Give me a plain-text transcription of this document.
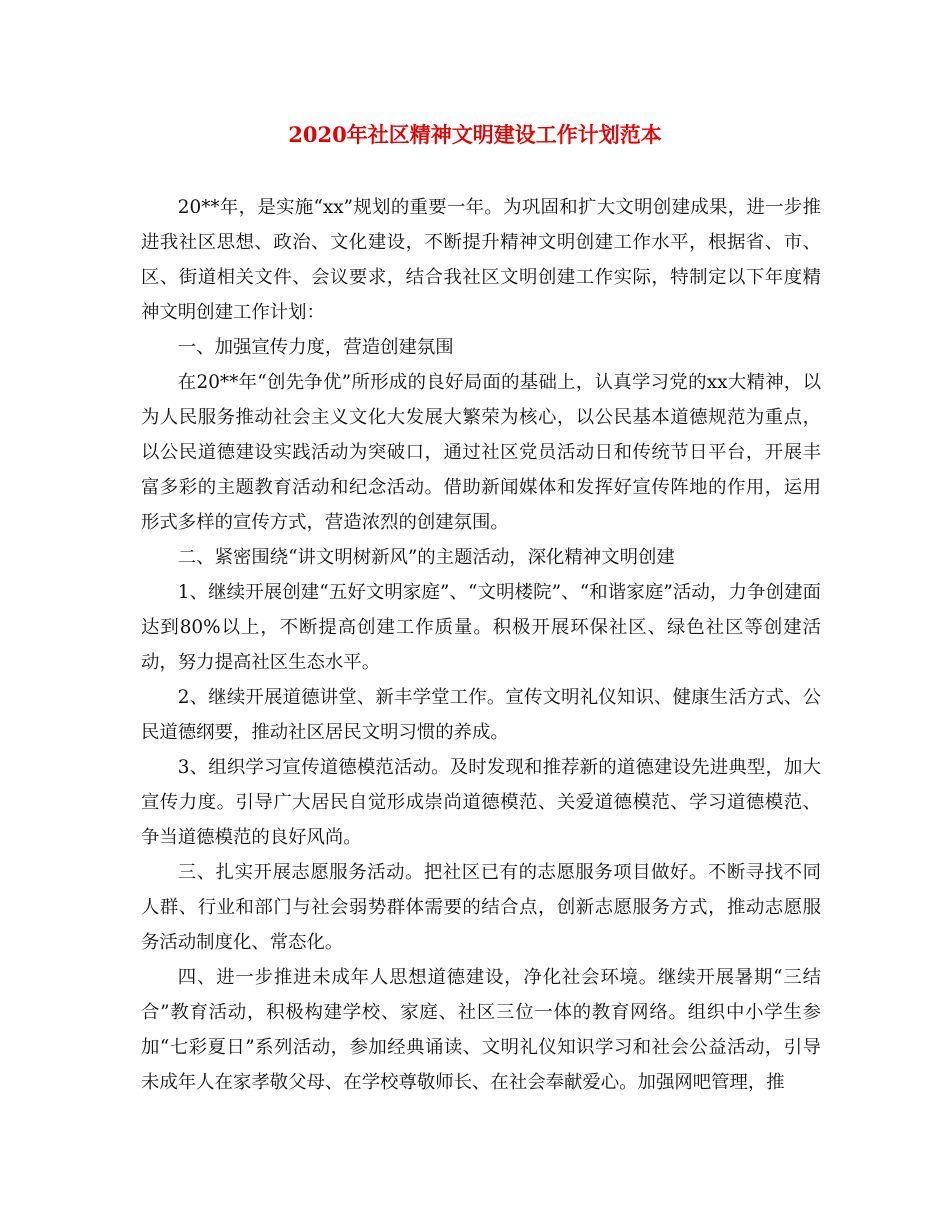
2020年社区精神文明建设工作计划范本

20**年，是实施“xx”规划的重要一年。为巩固和扩大文明创建成果，进一步推进我社区思想、政治、文化建设，不断提升精神文明创建工作水平，根据省、市、区、街道相关文件、会议要求，结合我社区文明创建工作实际，特制定以下年度精神文明创建工作计划：

一、加强宣传力度，营造创建氛围

在20**年“创先争优”所形成的良好局面的基础上，认真学习党的xx大精神，以为人民服务推动社会主义文化大发展大繁荣为核心，以公民基本道德规范为重点，以公民道德建设实践活动为突破口，通过社区党员活动日和传统节日平台，开展丰富多彩的主题教育活动和纪念活动。借助新闻媒体和发挥好宣传阵地的作用，运用形式多样的宣传方式，营造浓烈的创建氛围。

二、紧密围绕“讲文明树新风”的主题活动，深化精神文明创建

1、继续开展创建“五好文明家庭”、“文明楼院”、“和谐家庭”活动，力争创建面达到80%以上，不断提高创建工作质量。积极开展环保社区、绿色社区等创建活动，努力提高社区生态水平。

2、继续开展道德讲堂、新丰学堂工作。宣传文明礼仪知识、健康生活方式、公民道德纲要，推动社区居民文明习惯的养成。

3、组织学习宣传道德模范活动。及时发现和推荐新的道德建设先进典型，加大宣传力度。引导广大居民自觉形成崇尚道德模范、关爱道德模范、学习道德模范、争当道德模范的良好风尚。

三、扎实开展志愿服务活动。把社区已有的志愿服务项目做好。不断寻找不同人群、行业和部门与社会弱势群体需要的结合点，创新志愿服务方式，推动志愿服务活动制度化、常态化。

四、进一步推进未成年人思想道德建设，净化社会环境。继续开展暑期“三结合”教育活动，积极构建学校、家庭、社区三位一体的教育网络。组织中小学生参加“七彩夏日”系列活动，参加经典诵读、文明礼仪知识学习和社会公益活动，引导未成年人在家孝敬父母、在学校尊敬师长、在社会奉献爱心。加强网吧管理，推
